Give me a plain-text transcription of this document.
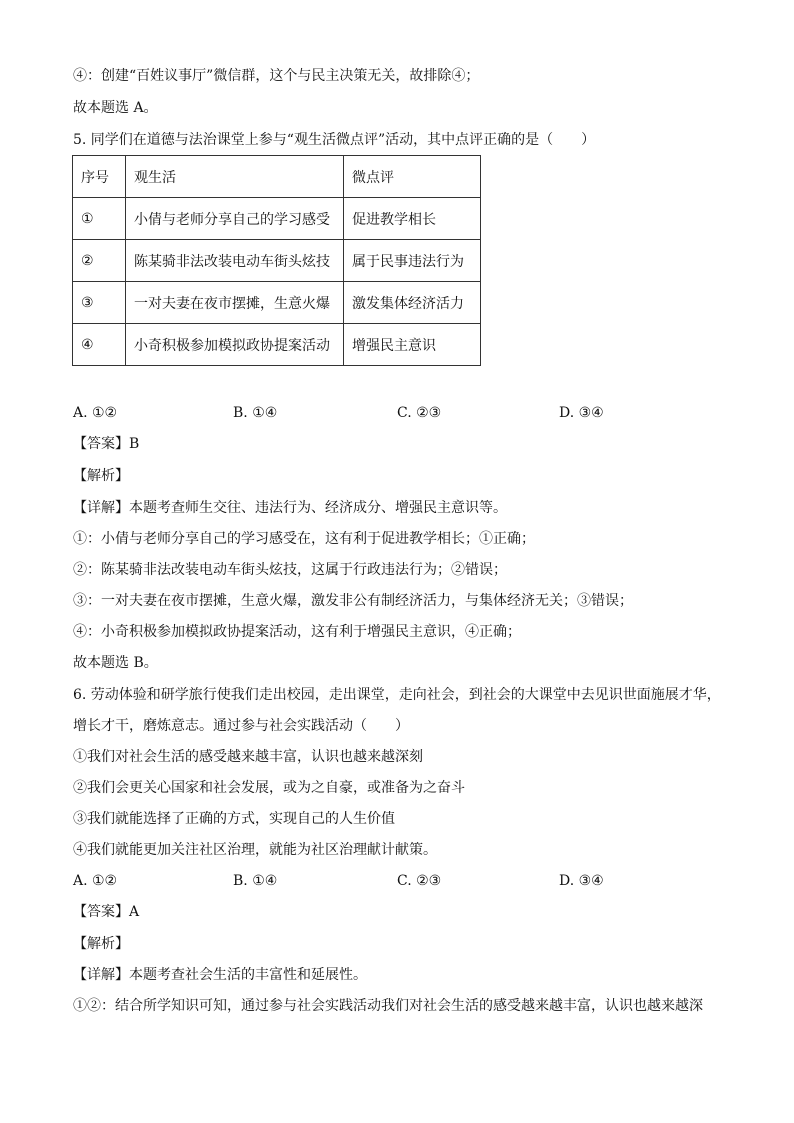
④：创建“百姓议事厅”微信群，这个与民主决策无关，故排除④；
故本题选 A。
5. 同学们在道德与法治课堂上参与“观生活微点评”活动，其中点评正确的是（　　）
序号	观生活	微点评
①	小倩与老师分享自己的学习感受	促进教学相长
②	陈某骑非法改装电动车街头炫技	属于民事违法行为
③	一对夫妻在夜市摆摊，生意火爆	激发集体经济活力
④	小奇积极参加模拟政协提案活动	增强民主意识
A. ①②	B. ①④	C. ②③	D. ③④
【答案】B
【解析】
【详解】本题考查师生交往、违法行为、经济成分、增强民主意识等。
①：小倩与老师分享自己的学习感受在，这有利于促进教学相长；①正确；
②：陈某骑非法改装电动车街头炫技，这属于行政违法行为；②错误；
③：一对夫妻在夜市摆摊，生意火爆，激发非公有制经济活力，与集体经济无关；③错误；
④：小奇积极参加模拟政协提案活动，这有利于增强民主意识，④正确；
故本题选 B。
6. 劳动体验和研学旅行使我们走出校园，走出课堂，走向社会，到社会的大课堂中去见识世面施展才华，
增长才干，磨炼意志。通过参与社会实践活动（　　）
①我们对社会生活的感受越来越丰富，认识也越来越深刻
②我们会更关心国家和社会发展，或为之自豪，或准备为之奋斗
③我们就能选择了正确的方式，实现自己的人生价值
④我们就能更加关注社区治理，就能为社区治理献计献策。
A. ①②	B. ①④	C. ②③	D. ③④
【答案】A
【解析】
【详解】本题考查社会生活的丰富性和延展性。
①②：结合所学知识可知，通过参与社会实践活动我们对社会生活的感受越来越丰富，认识也越来越深
